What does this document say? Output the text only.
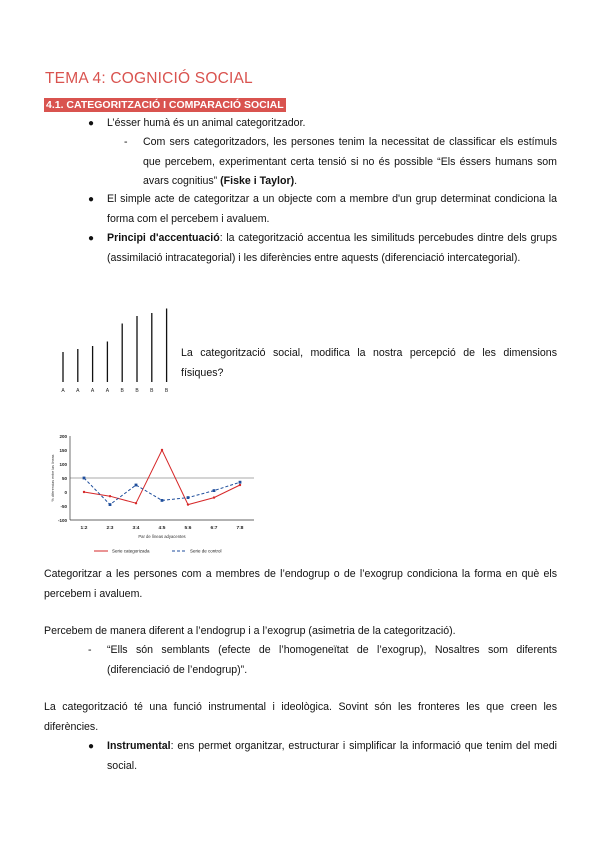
TEMA 4: COGNICIÓ SOCIAL
4.1. CATEGORITZACIÓ I COMPARACIÓ SOCIAL
● L’ésser humà és un animal categoritzador.
- Com sers categoritzadors, les persones tenim la necessitat de classificar els estímuls que percebem, experimentant certa tensió si no és possible “Els éssers humans som avars cognitius” (Fiske i Taylor).
● El simple acte de categoritzar a un objecte com a membre d'un grup determinat condiciona la forma com el percebem i avaluem.
● Principi d'accentuació: la categorització accentua les similituds percebudes dintre dels grups (assimilació intracategorial) i les diferències entre aquests (diferenciació intercategorial).
A A A A B B B B
La categorització social, modifica la nostra percepció de les dimensions físiques?
200
150
100
50
0
-50
-100
1:2	2:3	3:4	4:5	5:6	6:7	7:8
Par de líneas adyacentes
% diferencias entre las líneas
Serie categorizada	Serie de control
Categoritzar a les persones com a membres de l’endogrup o de l’exogrup condiciona la forma en què els percebem i avaluem.
Percebem de manera diferent a l’endogrup i a l’exogrup (asimetria de la categorització).
- “Ells són semblants (efecte de l’homogeneïtat de l’exogrup), Nosaltres som diferents (diferenciació de l’endogrup)”.
La categorització té una funció instrumental i ideològica. Sovint són les fronteres les que creen les diferències.
● Instrumental: ens permet organitzar, estructurar i simplificar la informació que tenim del medi social.
